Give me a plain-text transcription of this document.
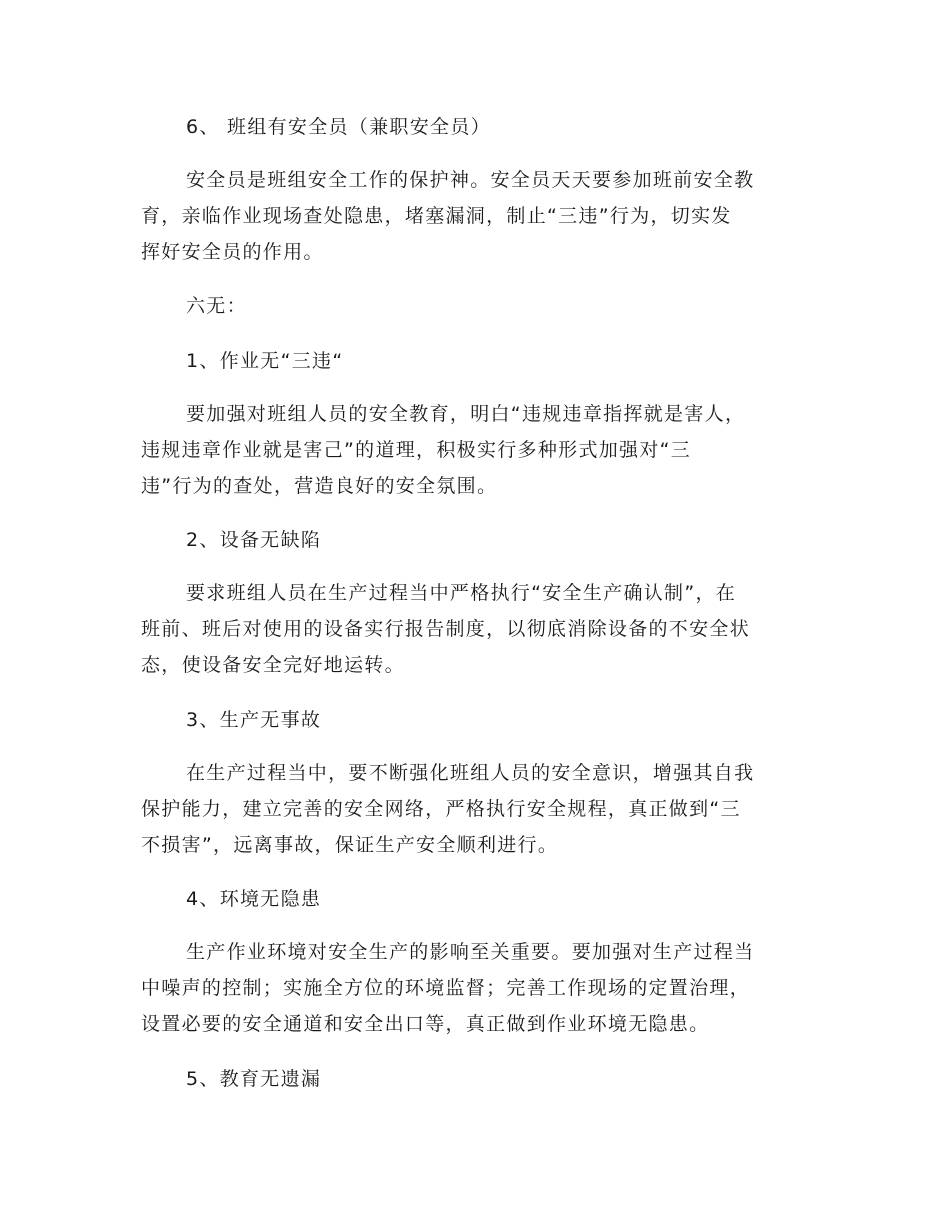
6、 班组有安全员（兼职安全员）

安全员是班组安全工作的保护神。安全员天天要参加班前安全教
育，亲临作业现场查处隐患，堵塞漏洞，制止“三违”行为，切实发
挥好安全员的作用。

六无：

1、作业无“三违“

要加强对班组人员的安全教育，明白“违规违章指挥就是害人，
违规违章作业就是害己”的道理，积极实行多种形式加强对“三
违”行为的查处，营造良好的安全氛围。

2、设备无缺陷

要求班组人员在生产过程当中严格执行“安全生产确认制”，在
班前、班后对使用的设备实行报告制度，以彻底消除设备的不安全状
态，使设备安全完好地运转。

3、生产无事故

在生产过程当中，要不断强化班组人员的安全意识，增强其自我
保护能力，建立完善的安全网络，严格执行安全规程，真正做到“三
不损害”，远离事故，保证生产安全顺利进行。

4、环境无隐患

生产作业环境对安全生产的影响至关重要。要加强对生产过程当
中噪声的控制；实施全方位的环境监督；完善工作现场的定置治理，
设置必要的安全通道和安全出口等，真正做到作业环境无隐患。

5、教育无遗漏
